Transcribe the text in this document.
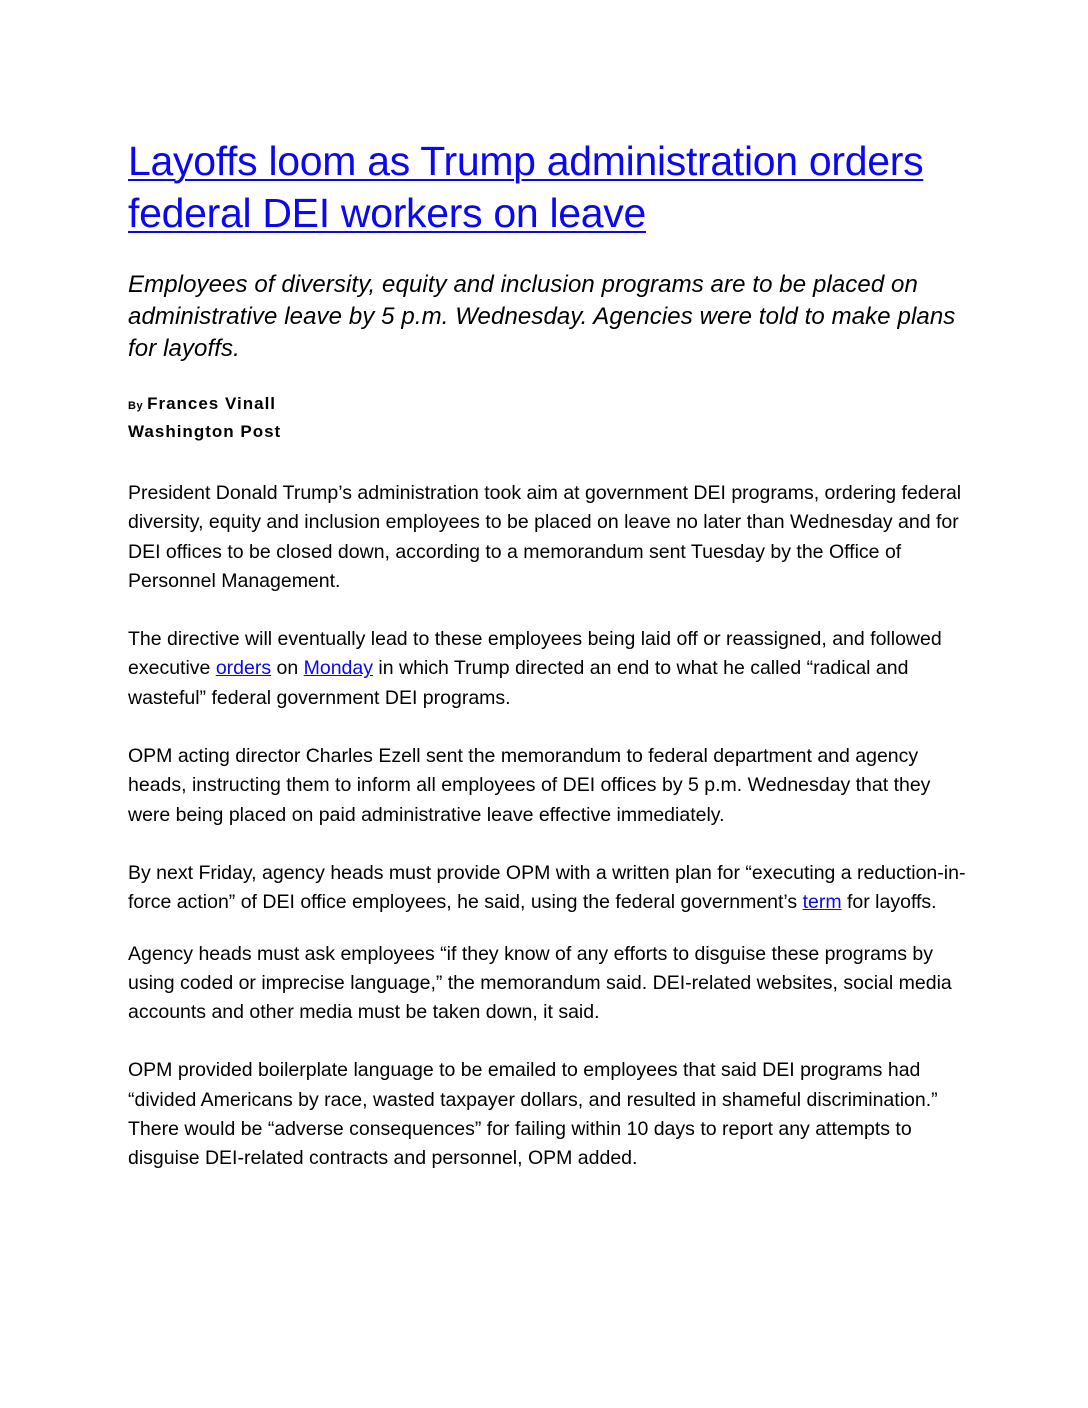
Layoffs loom as Trump administration orders federal DEI workers on leave

Employees of diversity, equity and inclusion programs are to be placed on administrative leave by 5 p.m. Wednesday. Agencies were told to make plans for layoffs.

By Frances Vinall
Washington Post

President Donald Trump’s administration took aim at government DEI programs, ordering federal diversity, equity and inclusion employees to be placed on leave no later than Wednesday and for DEI offices to be closed down, according to a memorandum sent Tuesday by the Office of Personnel Management.

The directive will eventually lead to these employees being laid off or reassigned, and followed executive orders on Monday in which Trump directed an end to what he called “radical and wasteful” federal government DEI programs.

OPM acting director Charles Ezell sent the memorandum to federal department and agency heads, instructing them to inform all employees of DEI offices by 5 p.m. Wednesday that they were being placed on paid administrative leave effective immediately.

By next Friday, agency heads must provide OPM with a written plan for “executing a reduction-in-force action” of DEI office employees, he said, using the federal government’s term for layoffs.

Agency heads must ask employees “if they know of any efforts to disguise these programs by using coded or imprecise language,” the memorandum said. DEI-related websites, social media accounts and other media must be taken down, it said.

OPM provided boilerplate language to be emailed to employees that said DEI programs had “divided Americans by race, wasted taxpayer dollars, and resulted in shameful discrimination.” There would be “adverse consequences” for failing within 10 days to report any attempts to disguise DEI-related contracts and personnel, OPM added.
